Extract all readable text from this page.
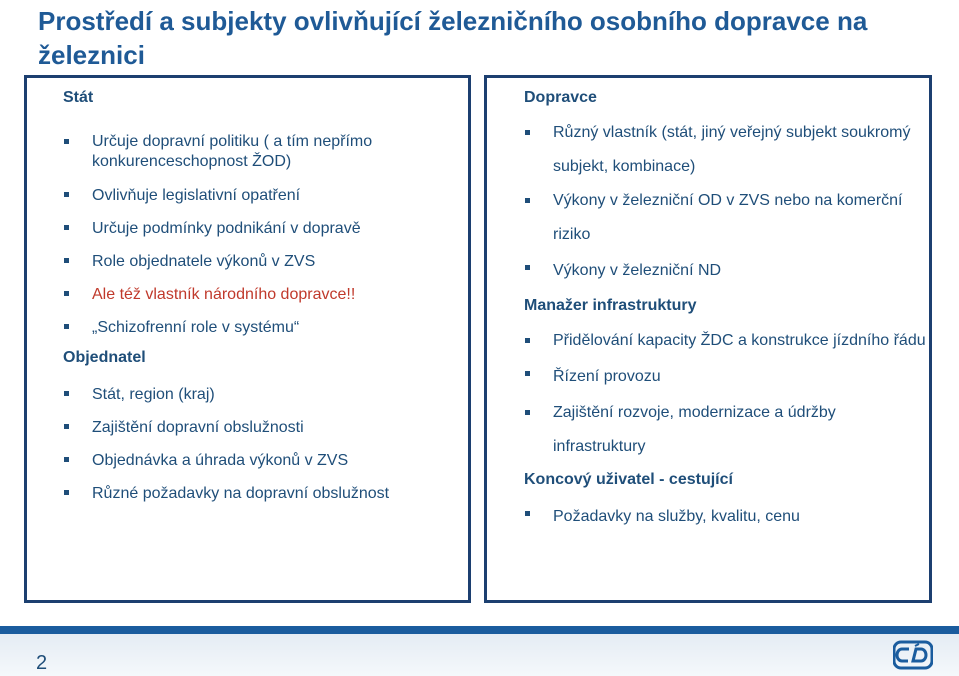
Prostředí a subjekty ovlivňující železničního osobního dopravce na železnici
Stát
Určuje dopravní politiku ( a tím nepřímo konkurenceschopnost ŽOD)
Ovlivňuje legislativní opatření
Určuje podmínky podnikání v dopravě
Role objednatele výkonů v ZVS
Ale též vlastník národního dopravce!!
„Schizofrenní role v systému“
Objednatel
Stát, region (kraj)
Zajištění dopravní obslužnosti
Objednávka a úhrada výkonů v ZVS
Různé požadavky na dopravní obslužnost
Dopravce
Různý vlastník (stát, jiný veřejný subjekt soukromý subjekt, kombinace)
Výkony v železniční OD v ZVS nebo na komerční riziko
Výkony v železniční ND
Manažer infrastruktury
Přidělování kapacity ŽDC a konstrukce jízdního řádu
Řízení provozu
Zajištění rozvoje, modernizace a údržby infrastruktury
Koncový uživatel - cestující
Požadavky na služby, kvalitu, cenu
2
